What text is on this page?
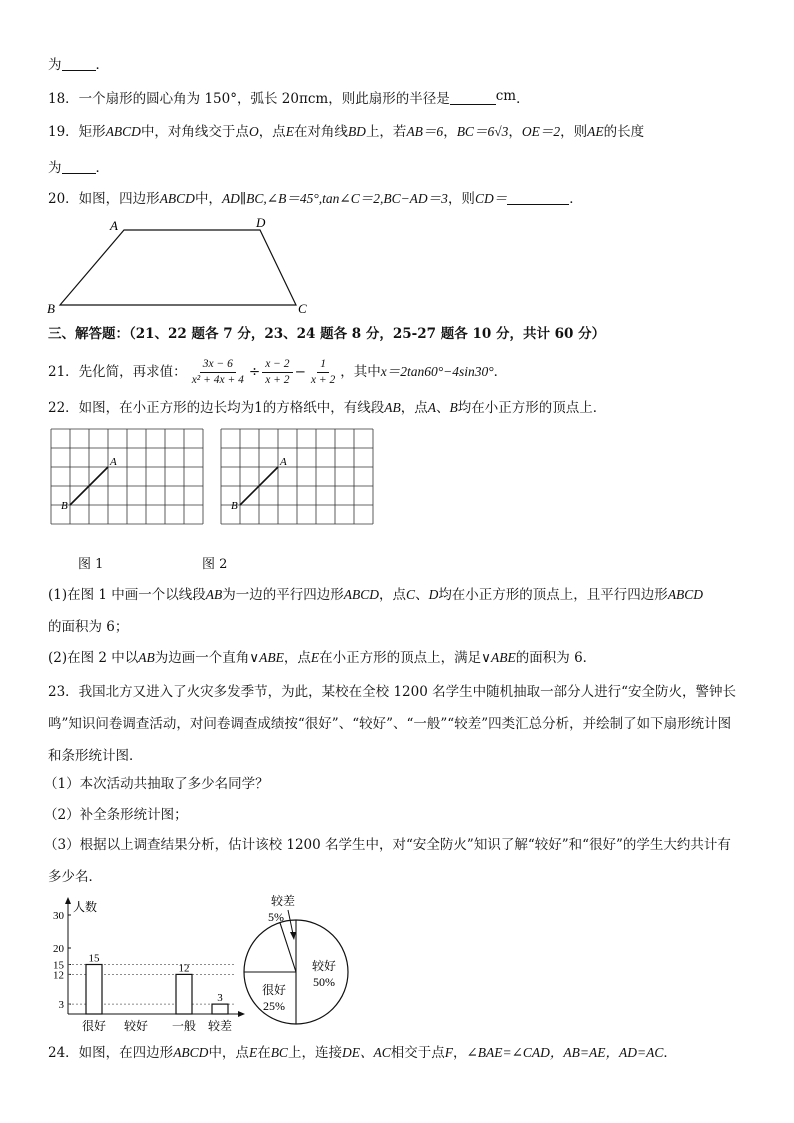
为	．
18．一个扇形的圆心角为 150°，弧长 20πcm，则此扇形的半径是	cm．
19．矩形ABCD中，对角线交于点O，点E在对角线BD上，若AB＝6，BC＝6√3，OE＝2，则AE的长度
为	．
20．如图，四边形ABCD中，AD∥BC,∠B＝45°,tan∠C＝2,BC−AD＝3，则CD＝	．
A	D
B	C
三、解答题：（21、22 题各 7 分，23、24 题各 8 分，25-27 题各 10 分，共计 60 分）
21．先化简，再求值： $\frac{3x - 6}{\text{x² + 4x + 4}} \div \frac{x - 2}{x + 2} - \frac{1}{x + 2}$ ，其中x＝2tan60°−4sin30°．
22．如图，在小正方形的边长均为1的方格纸中，有线段AB，点A、B均在小正方形的顶点上．
A
B
A
B
图 1	图 2
(1)在图 1 中画一个以线段AB为一边的平行四边形ABCD，点C、D均在小正方形的顶点上，且平行四边形ABCD
的面积为 6；
(2)在图 2 中以AB为边画一个直角∨ABE，点E在小正方形的顶点上，满足∨ABE的面积为 6．
23．我国北方又进入了火灾多发季节，为此，某校在全校 1200 名学生中随机抽取一部分人进行“安全防火，警钟长
鸣”知识问卷调查活动，对问卷调查成绩按“很好”、“较好”、“一般”“较差”四类汇总分析，并绘制了如下扇形统计图
和条形统计图．
（1）本次活动共抽取了多少名同学？
（2）补全条形统计图；
（3）根据以上调查结果分析，估计该校 1200 名学生中，对“安全防火”知识了解“较好”和“很好”的学生大约共计有
多少名．
人数
3
12
15
20
30
15
很好 较好
12
一般
3
较差
较好
50%
很好
25%
较差
5%
24．如图，在四边形ABCD中，点E在BC上，连接DE、AC相交于点F，∠BAE=∠CAD，AB=AE，AD=AC．
